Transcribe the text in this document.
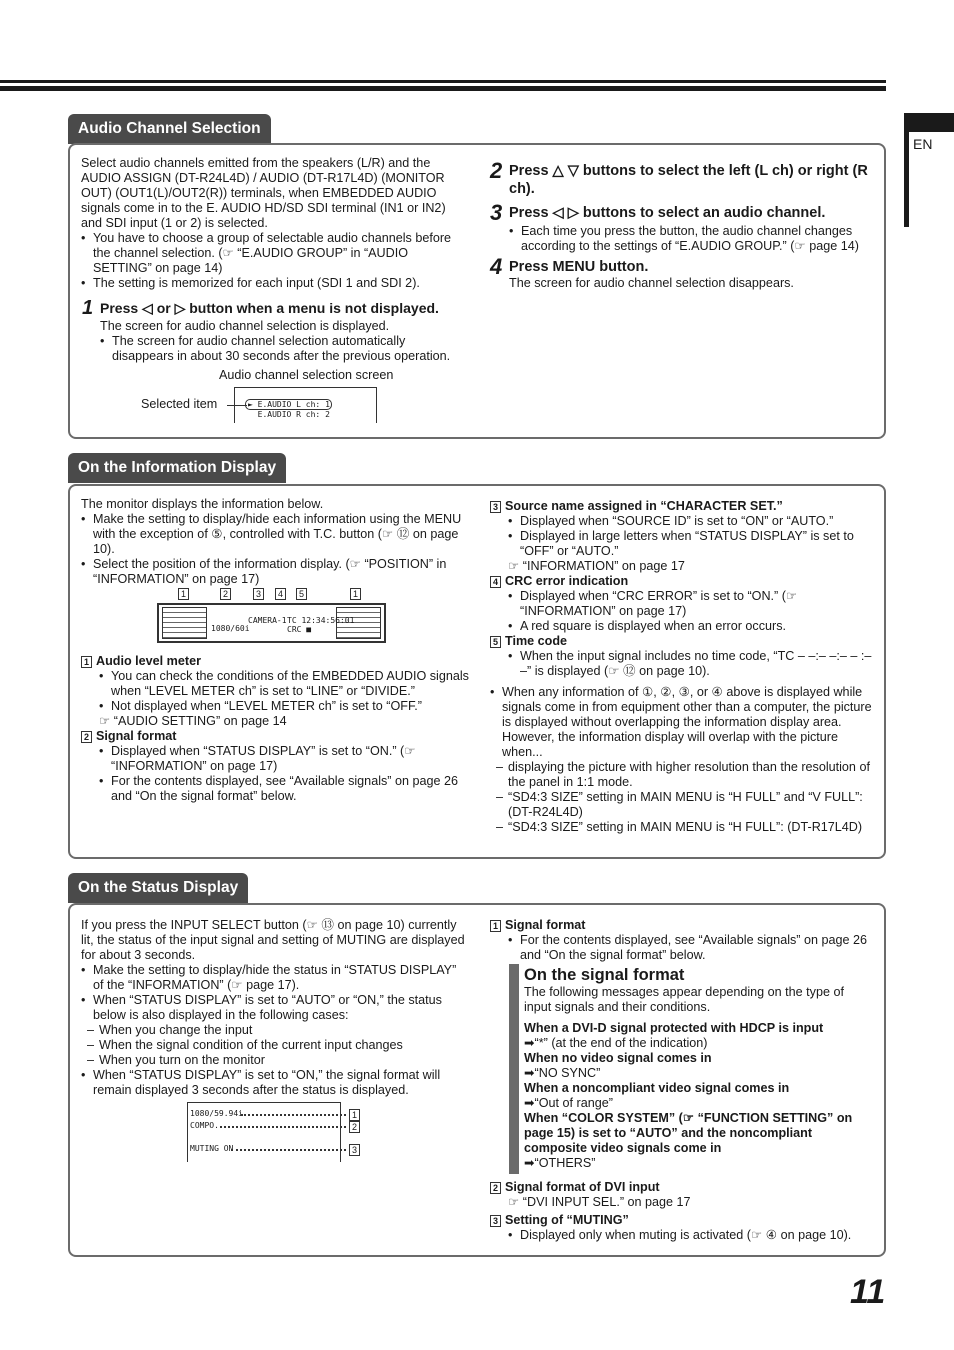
EN
Audio Channel Selection

Select audio channels emitted from the speakers (L/R) and the AUDIO ASSIGN (DT-R24L4D) / AUDIO (DT-R17L4D) (MONITOR OUT) (OUT1(L)/OUT2(R)) terminals, when EMBEDDED AUDIO signals come in to the E. AUDIO HD/SD SDI terminal (IN1 or IN2) and SDI input (1 or 2) is selected.

• You have to choose a group of selectable audio channels before the channel selection. (☞ “E.AUDIO GROUP” in “AUDIO SETTING” on page 14)

• The setting is memorized for each input (SDI 1 and SDI 2).

1 Press ◁ or ▷ button when a menu is not displayed.

The screen for audio channel selection is displayed.

• The screen for audio channel selection automatically disappears in about 30 seconds after the previous operation.

Audio channel selection screen
Selected item	► E.AUDIO L ch: 1
E.AUDIO R ch: 2
2 Press △ ▽ buttons to select the left (L ch) or right (R ch).

3 Press ◁ ▷ buttons to select an audio channel.

• Each time you press the button, the audio channel changes according to the settings of “E.AUDIO GROUP.” (☞ page 14)

4 Press MENU button.

The screen for audio channel selection disappears.

On the Information Display

The monitor displays the information below.

• Make the setting to display/hide each information using the MENU with the exception of ⑤, controlled with T.C. button (☞ ⑫ on page 10).

• Select the position of the information display. (☞ “POSITION” in “INFORMATION” on page 17)

1	2	3	4	5	1
1080/60i
CAMERA-1 TC 12:34:56:01
CRC ■

1 Audio level meter

• You can check the conditions of the EMBEDDED AUDIO signals when “LEVEL METER ch” is set to “LINE” or “DIVIDE.”

• Not displayed when “LEVEL METER ch” is set to “OFF.”

☞ “AUDIO SETTING” on page 14

2 Signal format

• Displayed when “STATUS DISPLAY” is set to “ON.” (☞ “INFORMATION” on page 17)

• For the contents displayed, see “Available signals” on page 26 and “On the signal format” below.

3 Source name assigned in “CHARACTER SET.”

• Displayed when “SOURCE ID” is set to “ON” or “AUTO.”

• Displayed in large letters when “STATUS DISPLAY” is set to “OFF” or “AUTO.”

☞ “INFORMATION” on page 17

4 CRC error indication

• Displayed when “CRC ERROR” is set to “ON.” (☞ “INFORMATION” on page 17)

• A red square is displayed when an error occurs.

5 Time code

• When the input signal includes no time code, “TC – –:– –:– – :– –” is displayed (☞ ⑫ on page 10).

• When any information of ①, ②, ③, or ④ above is displayed while signals come in from equipment other than a computer, the picture is displayed without overlapping the information display area.

However, the information display will overlap with the picture when...

– displaying the picture with higher resolution than the resolution of the panel in 1:1 mode.

– “SD4:3 SIZE” setting in MAIN MENU is “H FULL” and “V FULL”: (DT-R24L4D)

– “SD4:3 SIZE” setting in MAIN MENU is “H FULL”: (DT-R17L4D)

On the Status Display

If you press the INPUT SELECT button (☞ ⑬ on page 10) currently lit, the status of the input signal and setting of MUTING are displayed for about 3 seconds.

• Make the setting to display/hide the status in “STATUS DISPLAY” of the “INFORMATION” (☞ page 17).

• When “STATUS DISPLAY” is set to “AUTO” or “ON,” the status below is also displayed in the following cases:

– When you change the input

– When the signal condition of the current input changes

– When you turn on the monitor

• When “STATUS DISPLAY” is set to “ON,” the signal format will remain displayed 3 seconds after the status is displayed.

1080/59.94i
COMPO.
MUTING ON
1
2
3

1 Signal format

• For the contents displayed, see “Available signals” on page 26 and “On the signal format” below.

On the signal format

The following messages appear depending on the type of input signals and their conditions.

When a DVI-D signal protected with HDCP is input

➡“*” (at the end of the indication)

When no video signal comes in

➡“NO SYNC”

When a noncompliant video signal comes in

➡“Out of range”

When “COLOR SYSTEM” (☞ “FUNCTION SETTING” on page 15) is set to “AUTO” and the noncompliant composite video signals come in

➡“OTHERS”

2 Signal format of DVI input

☞ “DVI INPUT SEL.” on page 17

3 Setting of “MUTING”

• Displayed only when muting is activated (☞ ④ on page 10).

11
